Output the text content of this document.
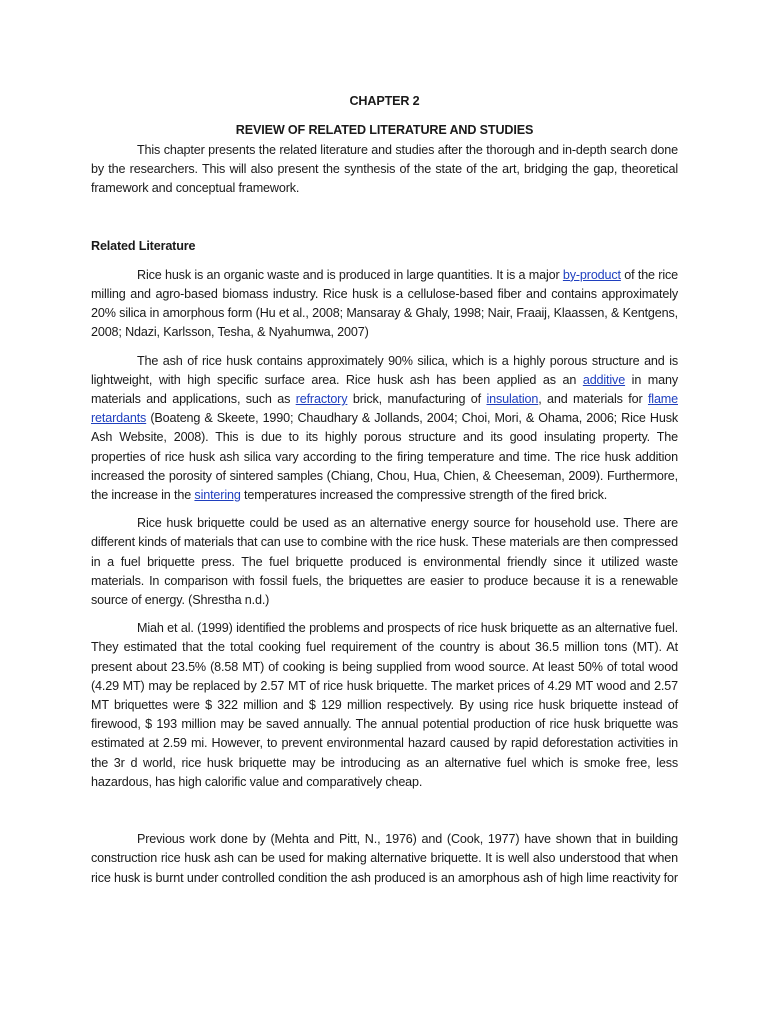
CHAPTER 2
REVIEW OF RELATED LITERATURE AND STUDIES

This chapter presents the related literature and studies after the thorough and in-depth search done by the researchers. This will also present the synthesis of the state of the art, bridging the gap, theoretical framework and conceptual framework.

Related Literature

Rice husk is an organic waste and is produced in large quantities. It is a major by-product of the rice milling and agro-based biomass industry. Rice husk is a cellulose-based fiber and contains approximately 20% silica in amorphous form (Hu et al., 2008; Mansaray & Ghaly, 1998; Nair, Fraaij, Klaassen, & Kentgens, 2008; Ndazi, Karlsson, Tesha, & Nyahumwa, 2007)

The ash of rice husk contains approximately 90% silica, which is a highly porous structure and is lightweight, with high specific surface area. Rice husk ash has been applied as an additive in many materials and applications, such as refractory brick, manufacturing of insulation, and materials for flame retardants (Boateng & Skeete, 1990; Chaudhary & Jollands, 2004; Choi, Mori, & Ohama, 2006; Rice Husk Ash Website, 2008). This is due to its highly porous structure and its good insulating property. The properties of rice husk ash silica vary according to the firing temperature and time. The rice husk addition increased the porosity of sintered samples (Chiang, Chou, Hua, Chien, & Cheeseman, 2009). Furthermore, the increase in the sintering temperatures increased the compressive strength of the fired brick.

Rice husk briquette could be used as an alternative energy source for household use. There are different kinds of materials that can use to combine with the rice husk. These materials are then compressed in a fuel briquette press. The fuel briquette produced is environmental friendly since it utilized waste materials. In comparison with fossil fuels, the briquettes are easier to produce because it is a renewable source of energy. (Shrestha n.d.)

Miah et al. (1999) identified the problems and prospects of rice husk briquette as an alternative fuel. They estimated that the total cooking fuel requirement of the country is about 36.5 million tons (MT). At present about 23.5% (8.58 MT) of cooking is being supplied from wood source. At least 50% of total wood (4.29 MT) may be replaced by 2.57 MT of rice husk briquette. The market prices of 4.29 MT wood and 2.57 MT briquettes were $ 322 million and $ 129 million respectively. By using rice husk briquette instead of firewood, $ 193 million may be saved annually. The annual potential production of rice husk briquette was estimated at 2.59 mi. However, to prevent environmental hazard caused by rapid deforestation activities in the 3r d world, rice husk briquette may be introducing as an alternative fuel which is smoke free, less hazardous, has high calorific value and comparatively cheap.

Previous work done by (Mehta and Pitt, N., 1976) and (Cook, 1977) have shown that in building construction rice husk ash can be used for making alternative briquette. It is well also understood that when rice husk is burnt under controlled condition the ash produced is an amorphous ash of high lime reactivity for
